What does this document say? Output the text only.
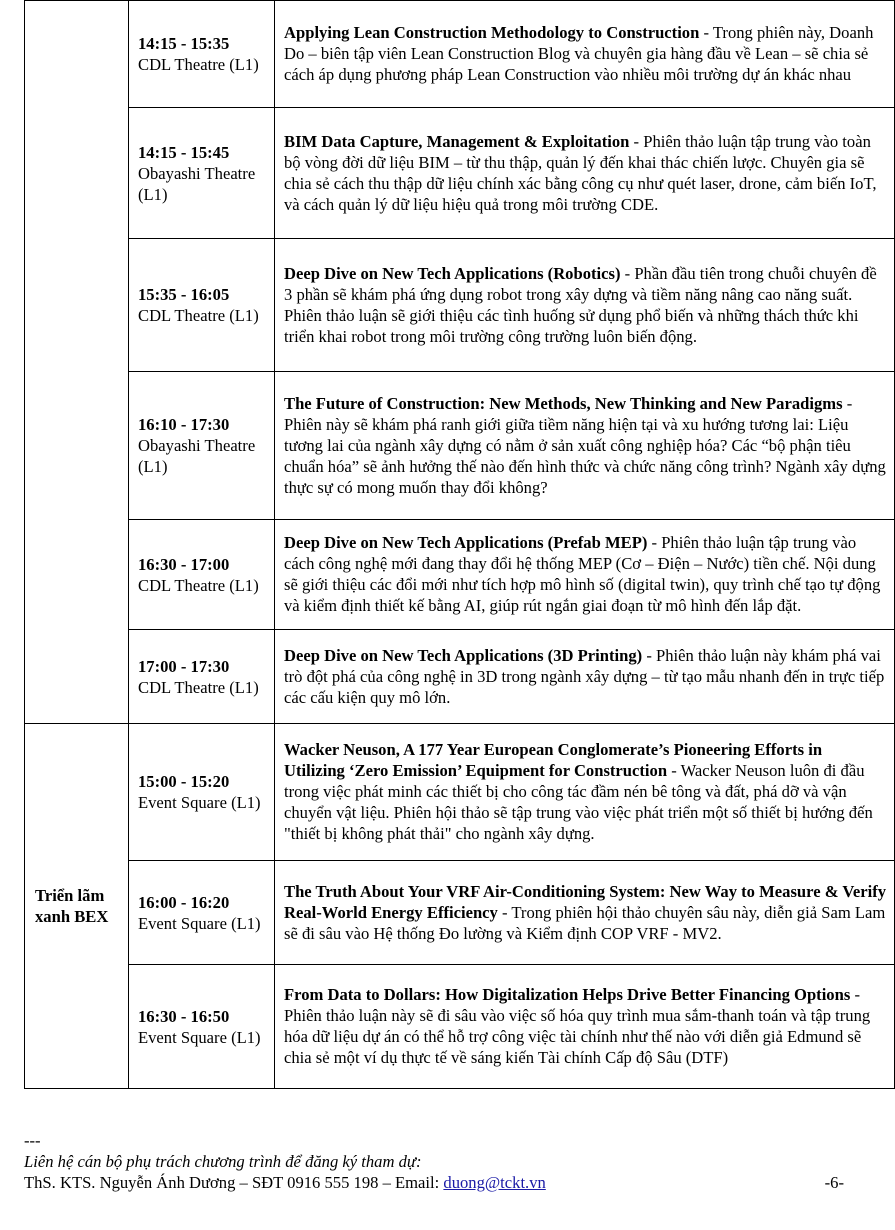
	14:15 - 15:35
CDL Theatre (L1)	Applying Lean Construction Methodology to Construction - Trong phiên này, Doanh Do – biên tập viên Lean Construction Blog và chuyên gia hàng đầu về Lean – sẽ chia sẻ cách áp dụng phương pháp Lean Construction vào nhiều môi trường dự án khác nhau
	14:15 - 15:45
Obayashi Theatre (L1)	BIM Data Capture, Management & Exploitation - Phiên thảo luận tập trung vào toàn bộ vòng đời dữ liệu BIM – từ thu thập, quản lý đến khai thác chiến lược. Chuyên gia sẽ chia sẻ cách thu thập dữ liệu chính xác bằng công cụ như quét laser, drone, cảm biến IoT, và cách quản lý dữ liệu hiệu quả trong môi trường CDE.
	15:35 - 16:05
CDL Theatre (L1)	Deep Dive on New Tech Applications (Robotics) - Phần đầu tiên trong chuỗi chuyên đề 3 phần sẽ khám phá ứng dụng robot trong xây dựng và tiềm năng nâng cao năng suất. Phiên thảo luận sẽ giới thiệu các tình huống sử dụng phổ biến và những thách thức khi triển khai robot trong môi trường công trường luôn biến động.
	16:10 - 17:30
Obayashi Theatre (L1)	The Future of Construction: New Methods, New Thinking and New Paradigms - Phiên này sẽ khám phá ranh giới giữa tiềm năng hiện tại và xu hướng tương lai: Liệu tương lai của ngành xây dựng có nằm ở sản xuất công nghiệp hóa? Các “bộ phận tiêu chuẩn hóa” sẽ ảnh hưởng thế nào đến hình thức và chức năng công trình? Ngành xây dựng thực sự có mong muốn thay đổi không?
	16:30 - 17:00
CDL Theatre (L1)	Deep Dive on New Tech Applications (Prefab MEP) - Phiên thảo luận tập trung vào cách công nghệ mới đang thay đổi hệ thống MEP (Cơ – Điện – Nước) tiền chế. Nội dung sẽ giới thiệu các đổi mới như tích hợp mô hình số (digital twin), quy trình chế tạo tự động và kiểm định thiết kế bằng AI, giúp rút ngắn giai đoạn từ mô hình đến lắp đặt.
	17:00 - 17:30
CDL Theatre (L1)	Deep Dive on New Tech Applications (3D Printing) - Phiên thảo luận này khám phá vai trò đột phá của công nghệ in 3D trong ngành xây dựng – từ tạo mẫu nhanh đến in trực tiếp các cấu kiện quy mô lớn.
Triển lãm xanh BEX	15:00 - 15:20
Event Square (L1)	Wacker Neuson, A 177 Year European Conglomerate’s Pioneering Efforts in Utilizing ‘Zero Emission’ Equipment for Construction - Wacker Neuson luôn đi đầu trong việc phát minh các thiết bị cho công tác đầm nén bê tông và đất, phá dỡ và vận chuyển vật liệu. Phiên hội thảo sẽ tập trung vào việc phát triển một số thiết bị hướng đến "thiết bị không phát thải" cho ngành xây dựng.
	16:00 - 16:20
Event Square (L1)	The Truth About Your VRF Air-Conditioning System: New Way to Measure & Verify Real-World Energy Efficiency - Trong phiên hội thảo chuyên sâu này, diễn giả Sam Lam sẽ đi sâu vào Hệ thống Đo lường và Kiểm định COP VRF - MV2.
	16:30 - 16:50
Event Square (L1)	From Data to Dollars: How Digitalization Helps Drive Better Financing Options - Phiên thảo luận này sẽ đi sâu vào việc số hóa quy trình mua sắm-thanh toán và tập trung hóa dữ liệu dự án có thể hỗ trợ công việc tài chính như thế nào với diễn giả Edmund sẽ chia sẻ một ví dụ thực tế về sáng kiến Tài chính Cấp độ Sâu (DTF)
---
Liên hệ cán bộ phụ trách chương trình để đăng ký tham dự:
ThS. KTS. Nguyễn Ánh Dương – SĐT 0916 555 198 – Email: duong@tckt.vn	-6-
